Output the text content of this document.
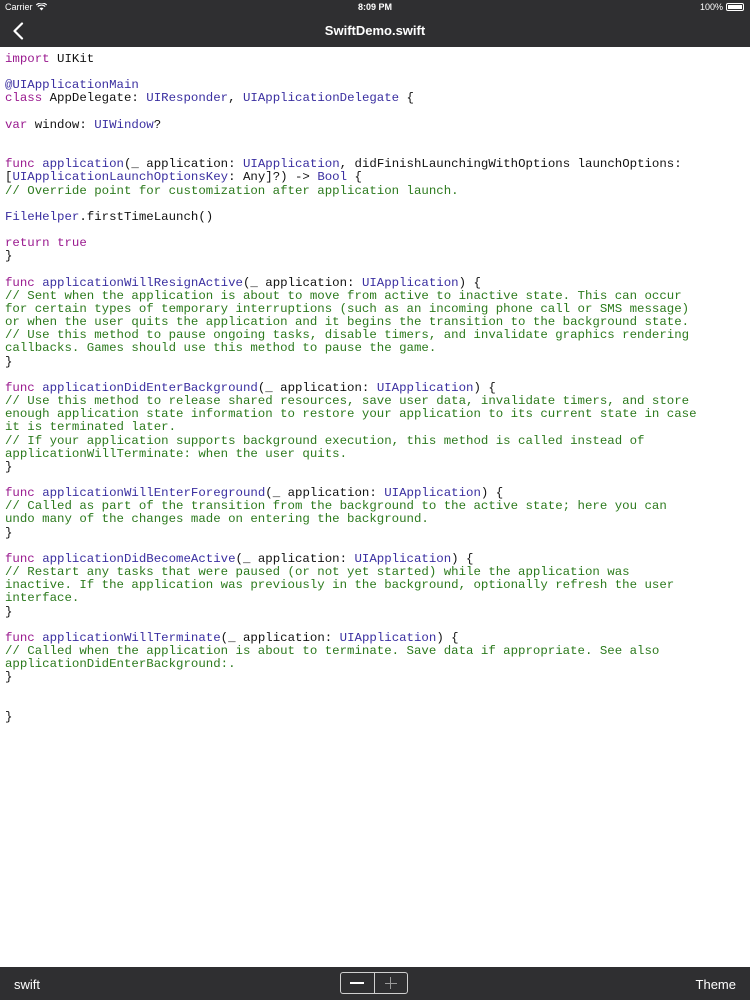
Carrier	8:09 PM	100%
SwiftDemo.swift
import UIKit

@UIApplicationMain
class AppDelegate: UIResponder, UIApplicationDelegate {

var window: UIWindow?

func application(_ application: UIApplication, didFinishLaunchingWithOptions launchOptions:
[UIApplicationLaunchOptionsKey: Any]?) -> Bool {
// Override point for customization after application launch.

FileHelper.firstTimeLaunch()

return true
}

func applicationWillResignActive(_ application: UIApplication) {
// Sent when the application is about to move from active to inactive state. This can occur
for certain types of temporary interruptions (such as an incoming phone call or SMS message)
or when the user quits the application and it begins the transition to the background state.
// Use this method to pause ongoing tasks, disable timers, and invalidate graphics rendering
callbacks. Games should use this method to pause the game.
}

func applicationDidEnterBackground(_ application: UIApplication) {
// Use this method to release shared resources, save user data, invalidate timers, and store
enough application state information to restore your application to its current state in case
it is terminated later.
// If your application supports background execution, this method is called instead of
applicationWillTerminate: when the user quits.
}

func applicationWillEnterForeground(_ application: UIApplication) {
// Called as part of the transition from the background to the active state; here you can
undo many of the changes made on entering the background.
}

func applicationDidBecomeActive(_ application: UIApplication) {
// Restart any tasks that were paused (or not yet started) while the application was
inactive. If the application was previously in the background, optionally refresh the user
interface.
}

func applicationWillTerminate(_ application: UIApplication) {
// Called when the application is about to terminate. Save data if appropriate. See also
applicationDidEnterBackground:.
}

}
swift	Theme
